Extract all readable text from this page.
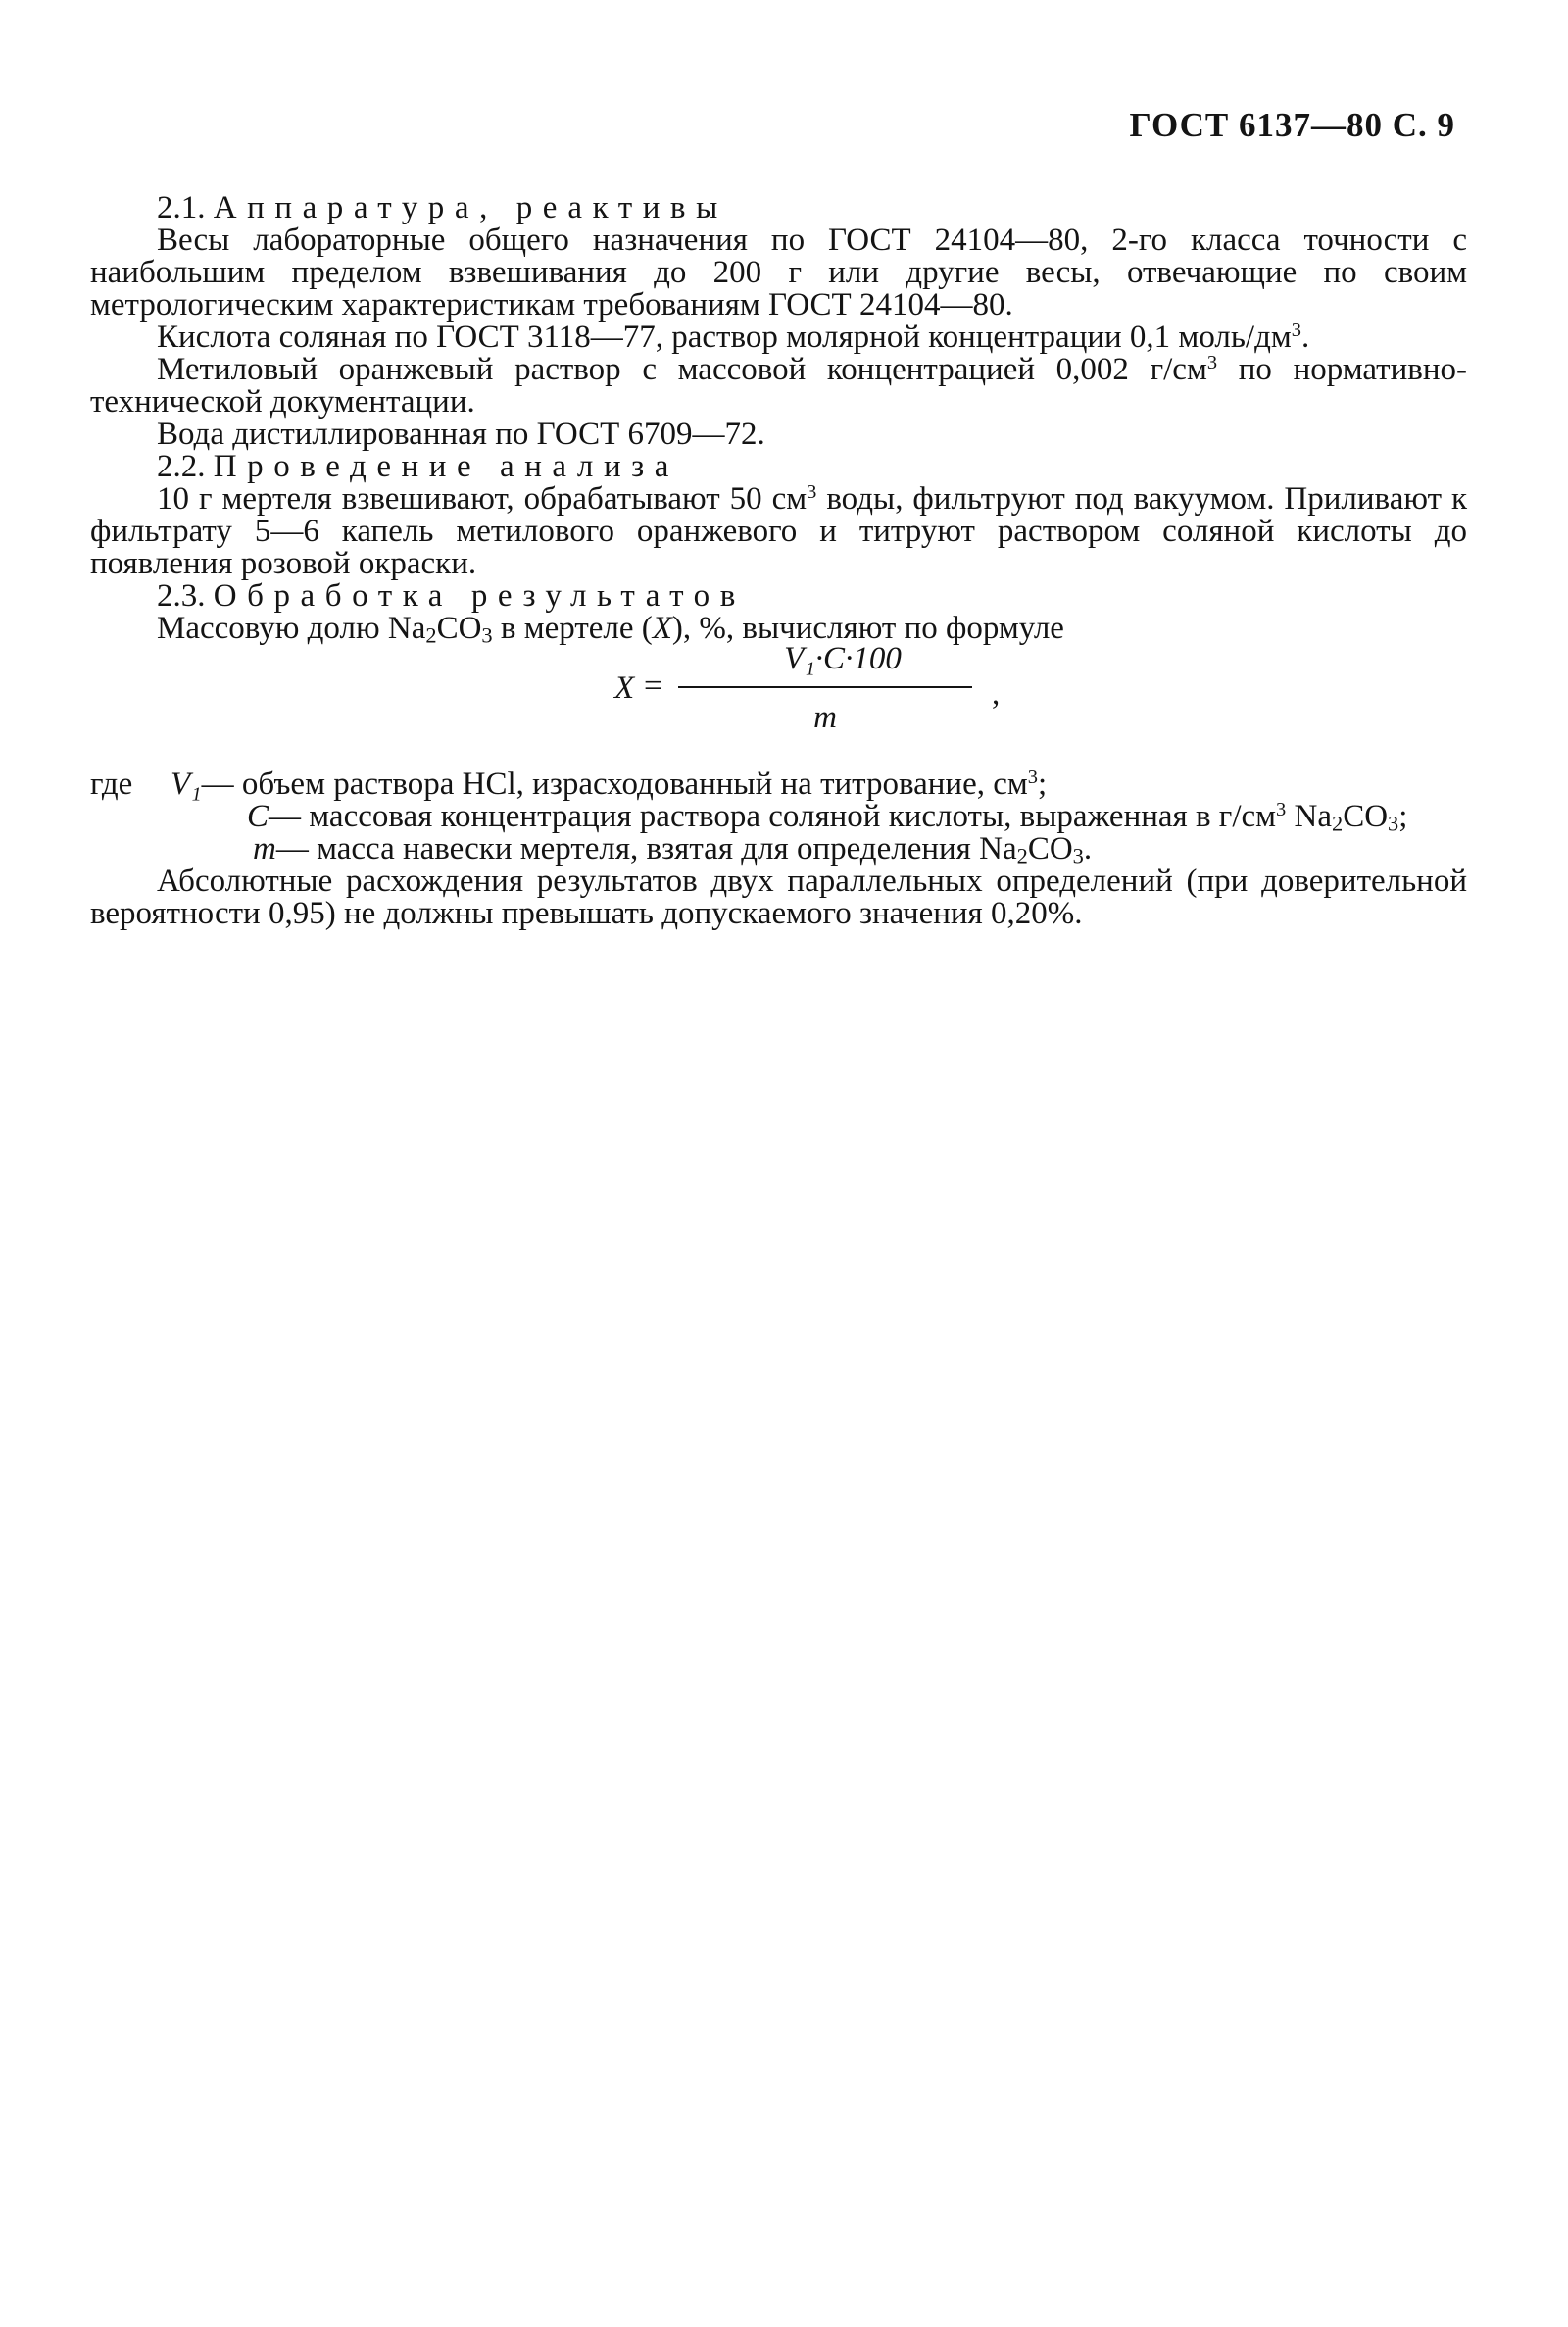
ГОСТ 6137—80 С. 9

2.1. Аппаратура, реактивы

Весы лабораторные общего назначения по ГОСТ 24104—80, 2-го класса точности с наибольшим пределом взвешивания до 200 г или другие весы, отвечающие по своим метрологическим характеристикам требованиям ГОСТ 24104—80.

Кислота соляная по ГОСТ 3118—77, раствор молярной концентрации 0,1 моль/$дм^3$.

Метиловый оранжевый раствор с массовой концентрацией 0,002 $г/см^3$ по нормативно-технической документации.

Вода дистиллированная по ГОСТ 6709—72.

2.2. Проведение анализа

10 г мертеля взвешивают, обрабатывают 50 $см^3$ воды, фильтруют под вакуумом. Приливают к фильтрату 5—6 капель метилового оранжевого и титруют раствором соляной кислоты до появления розовой окраски.

2.3. Обработка результатов

Массовую долю $Na_2CO_3$ в мертеле (X), %, вычисляют по формуле

X =
V₁·C·100
m
,
где	V₁ — объем раствора HCl, израсходованный на титрование, $см^3$;
C — массовая концентрация раствора соляной кислоты, выраженная в $г/см^3$ $Na_2CO_3$;
m — масса навески мертеля, взятая для определения $Na_2CO_3$.

Абсолютные расхождения результатов двух параллельных определений (при доверительной вероятности 0,95) не должны превышать допускаемого значения 0,20%.
